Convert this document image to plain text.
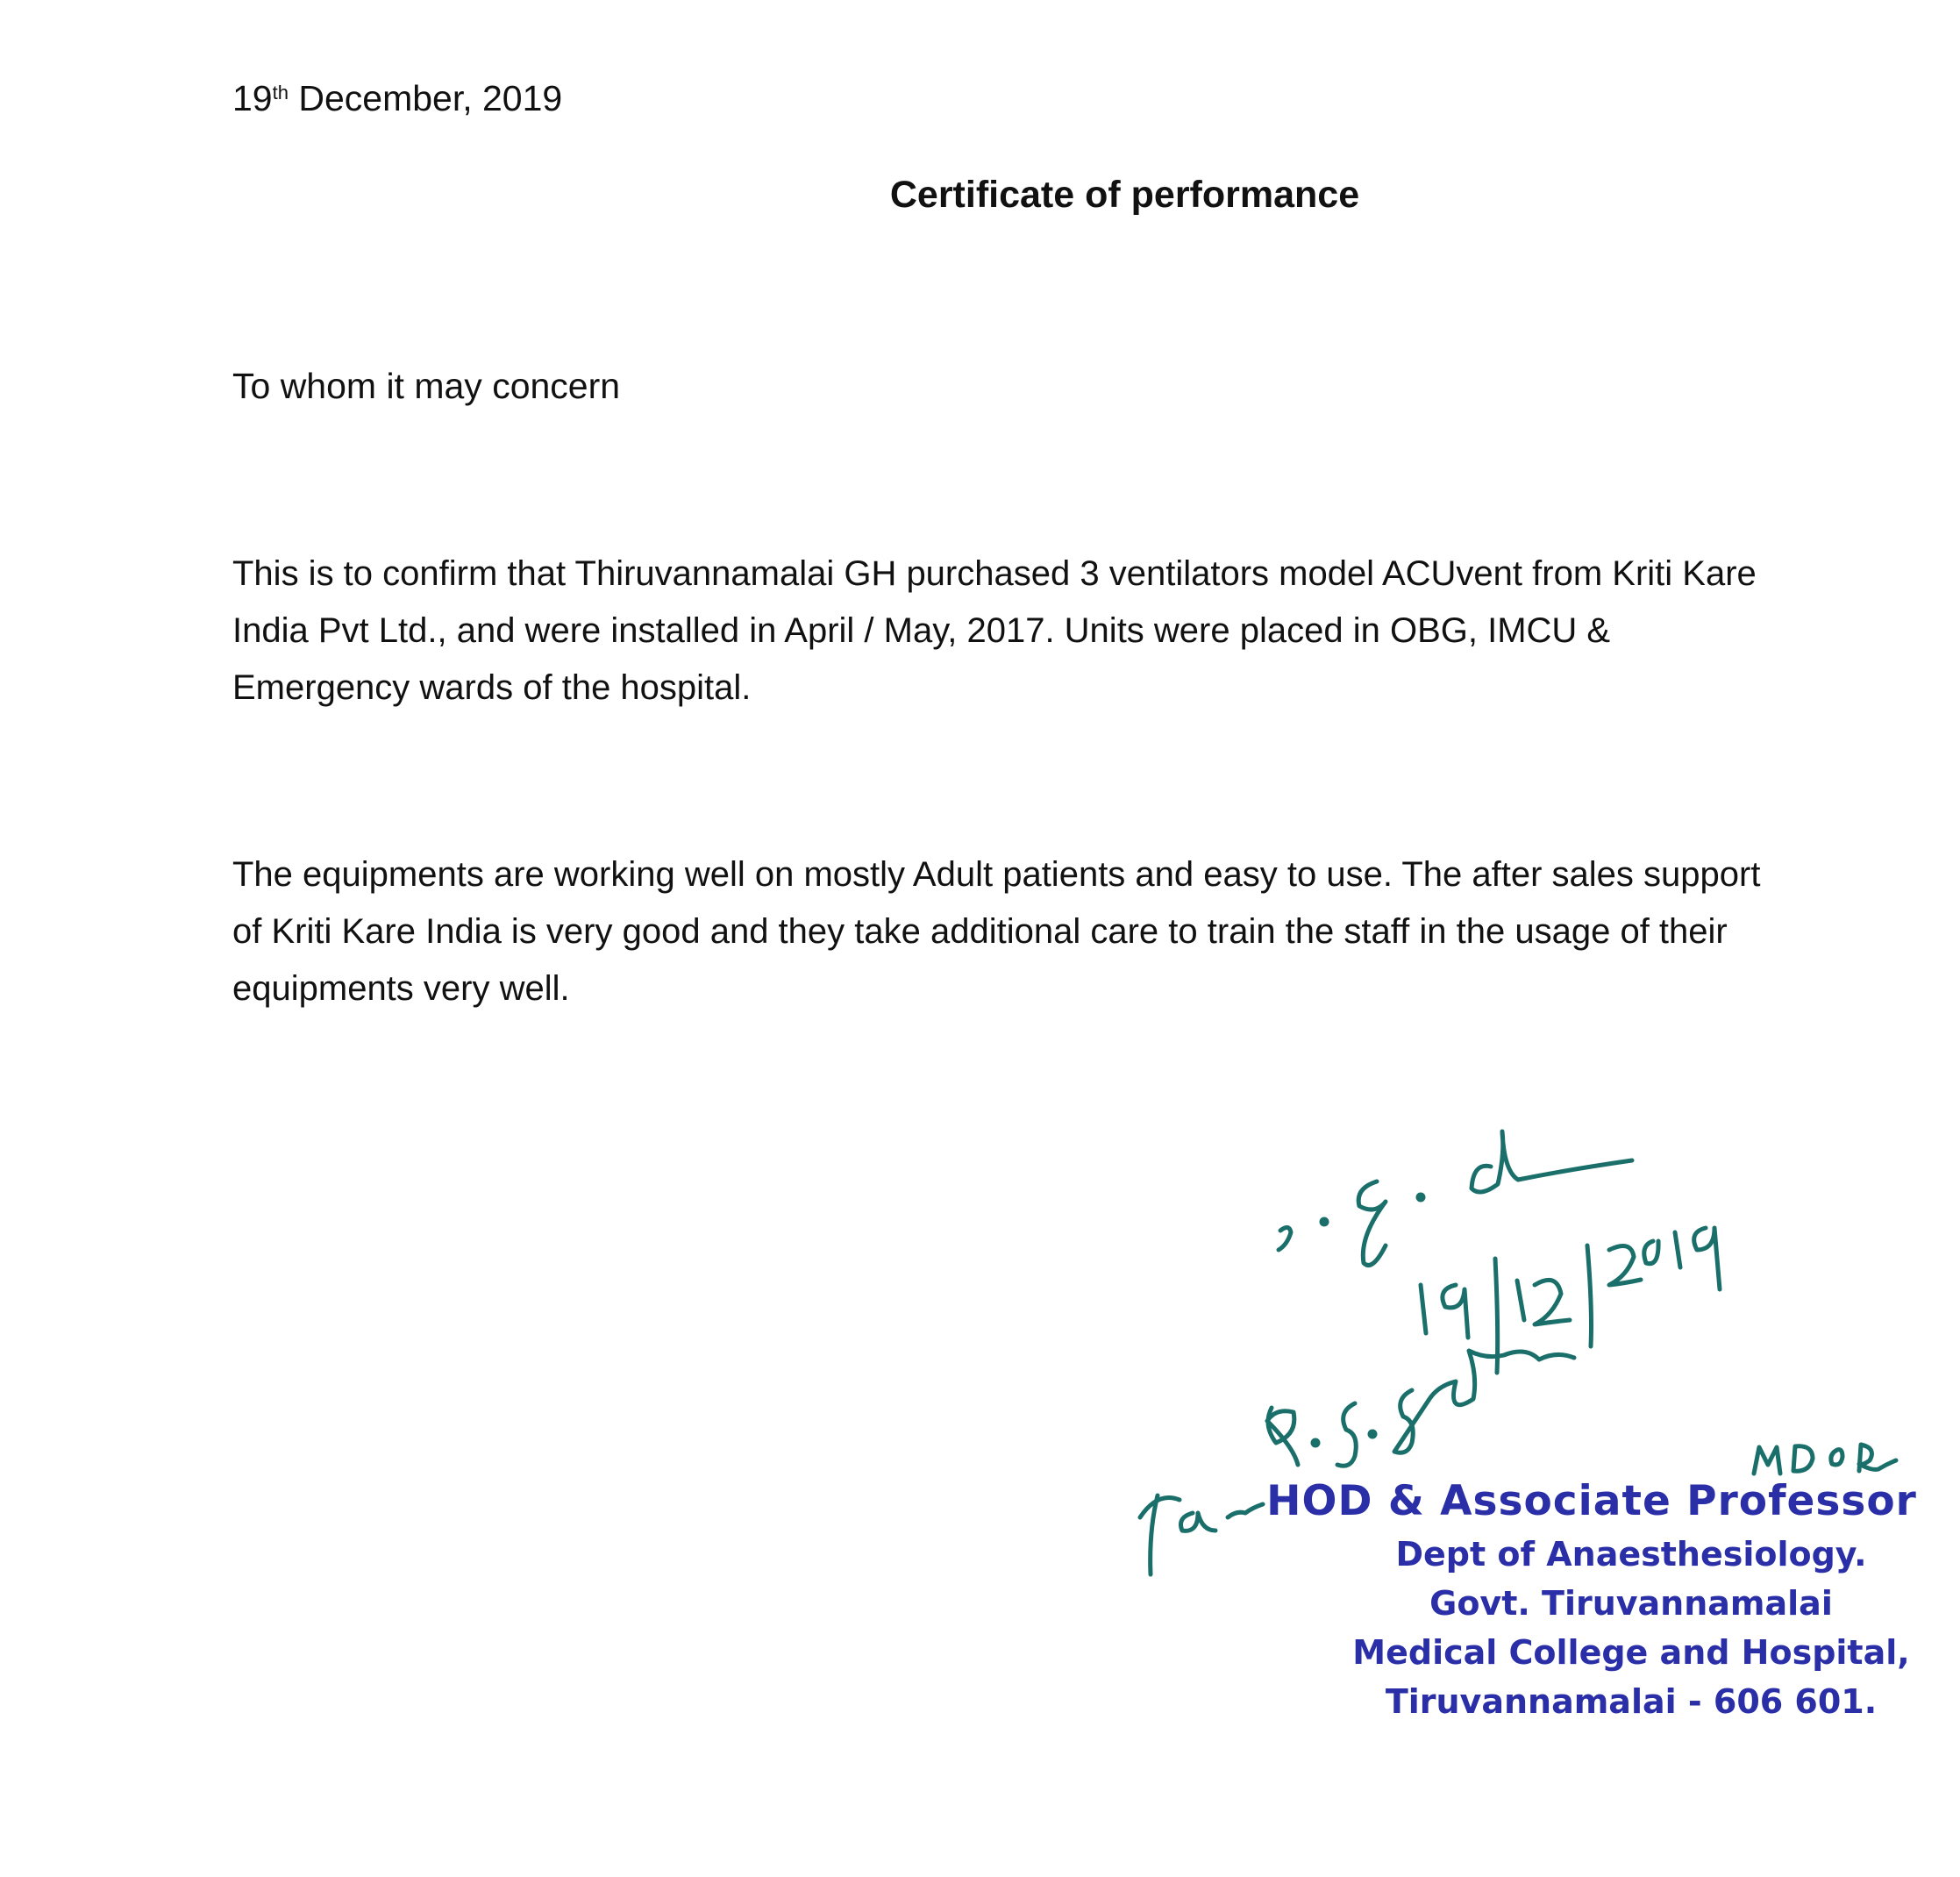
19th December, 2019
Certificate of performance
To whom it may concern
This is to confirm that Thiruvannamalai GH purchased 3 ventilators model ACUvent from Kriti Kare
India Pvt Ltd., and were installed in April / May, 2017. Units were placed in OBG, IMCU &
Emergency wards of the hospital.
The equipments are working well on mostly Adult patients and easy to use. The after sales support
of Kriti Kare India is very good and they take additional care to train the staff in the usage of their
equipments very well.
HOD & Associate Professor
Dept of Anaesthesiology.
Govt. Tiruvannamalai
Medical College and Hospital,
Tiruvannamalai - 606 601.
